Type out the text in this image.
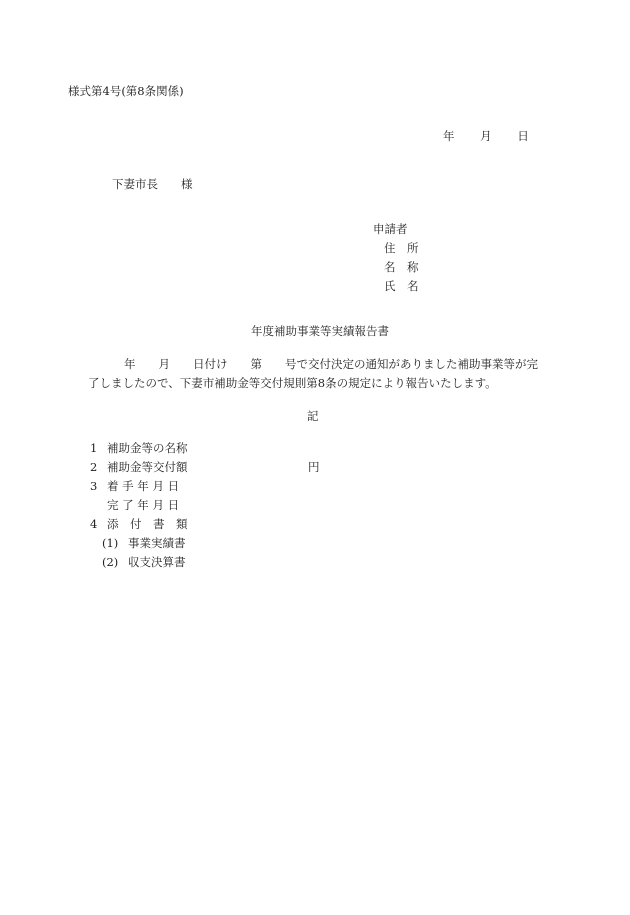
様式第4号(第8条関係)
年 月 日
下妻市長　　様
申請者
住　所
名　称
氏　名
年度補助事業等実績報告書
年　　月　　日付け　　第　　号で交付決定の通知がありました補助事業等が完
了しましたので、下妻市補助金等交付規則第8条の規定により報告いたします。
記
1 補助金等の名称
2 補助金等交付額	円
3 着 手 年 月 日
完 了 年 月 日
4 添　付　書　類
(1) 事業実績書
(2) 収支決算書
